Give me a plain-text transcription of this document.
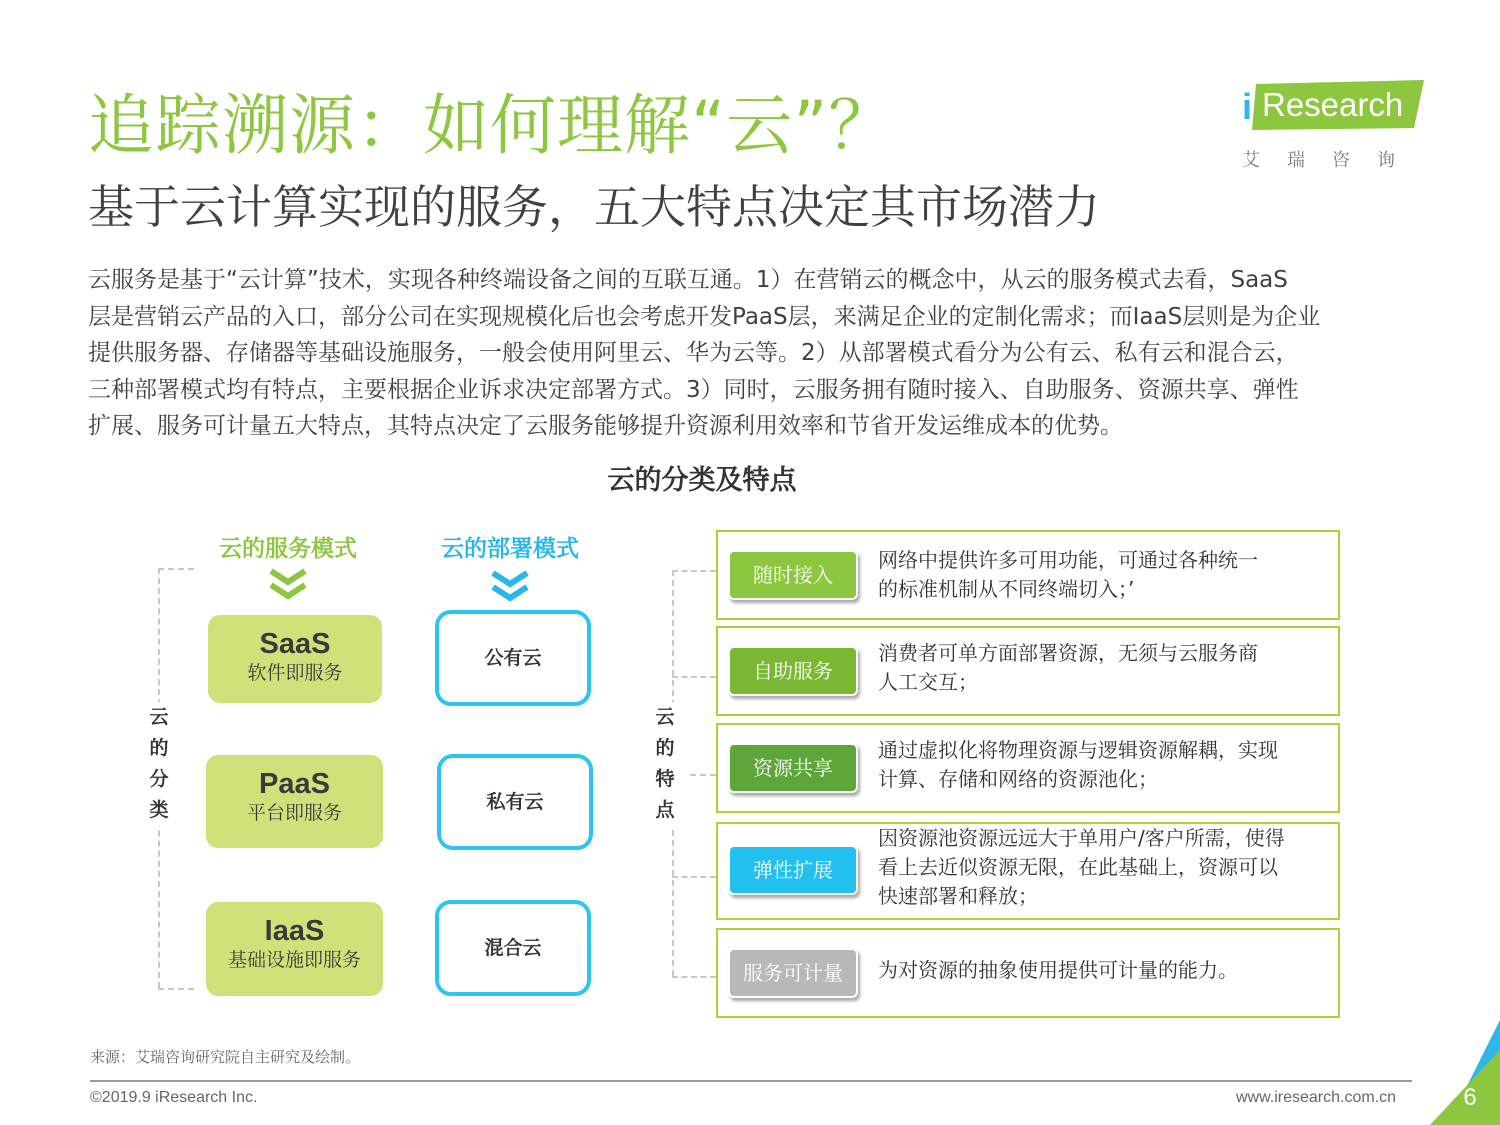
追踪溯源：如何理解“云”？
基于云计算实现的服务，五大特点决定其市场潜力
i Research
艾瑞咨询
云服务是基于“云计算”技术，实现各种终端设备之间的互联互通。1）在营销云的概念中，从云的服务模式去看，SaaS
层是营销云产品的入口，部分公司在实现规模化后也会考虑开发PaaS层，来满足企业的定制化需求；而IaaS层则是为企业
提供服务器、存储器等基础设施服务，一般会使用阿里云、华为云等。2）从部署模式看分为公有云、私有云和混合云，
三种部署模式均有特点，主要根据企业诉求决定部署方式。3）同时，云服务拥有随时接入、自助服务、资源共享、弹性
扩展、服务可计量五大特点，其特点决定了云服务能够提升资源利用效率和节省开发运维成本的优势。
云的分类及特点
云
的
分
类
云的服务模式
SaaS
软件即服务
PaaS
平台即服务
IaaS
基础设施即服务
云的部署模式
公有云
私有云
混合云
云
的
特
点
随时接入
网络中提供许多可用功能，可通过各种统一
的标准机制从不同终端切入；’
自助服务
消费者可单方面部署资源，无须与云服务商
人工交互；
资源共享
通过虚拟化将物理资源与逻辑资源解耦，实现
计算、存储和网络的资源池化；
弹性扩展
因资源池资源远远大于单用户/客户所需，使得
看上去近似资源无限，在此基础上，资源可以
快速部署和释放；
服务可计量	为对资源的抽象使用提供可计量的能力。
来源：艾瑞咨询研究院自主研究及绘制。
©2019.9 iResearch Inc.	www.iresearch.com.cn	6
